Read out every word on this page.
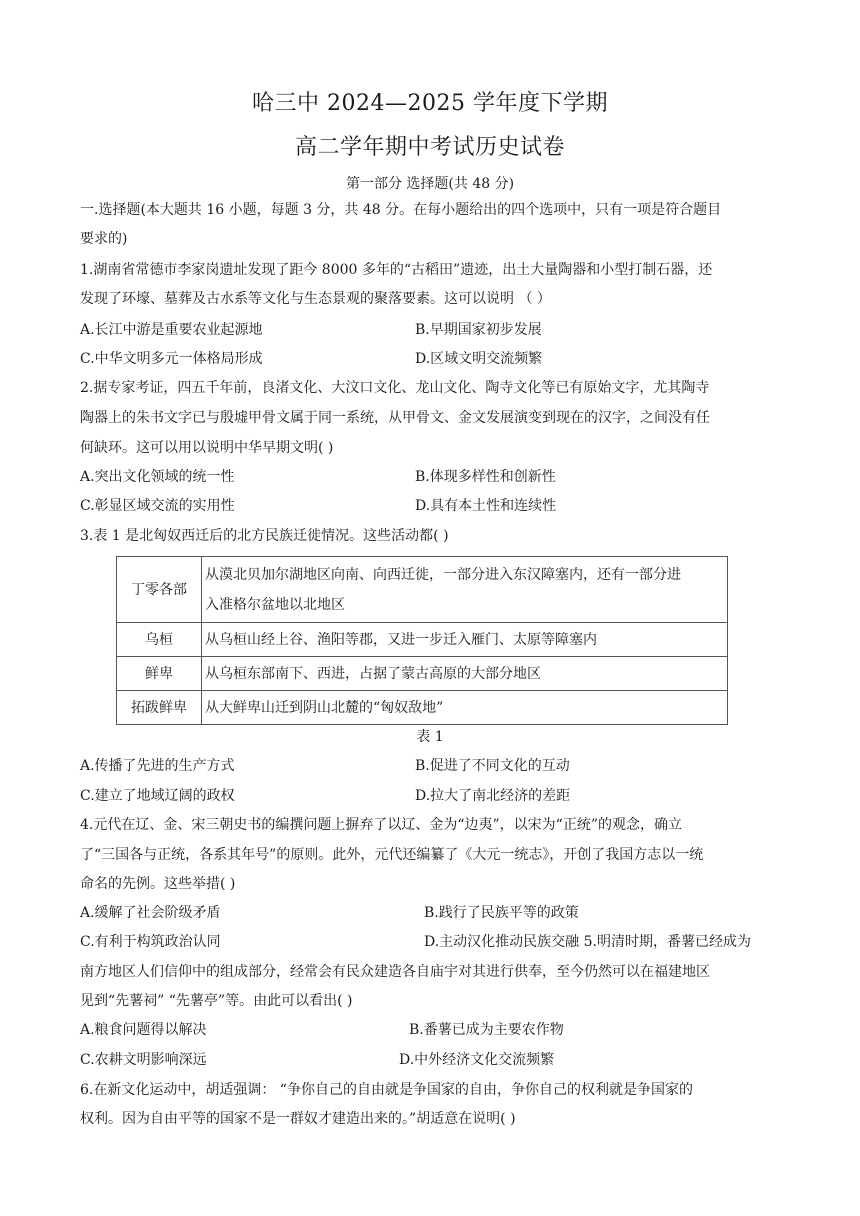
哈三中 2024—2025 学年度下学期
高二学年期中考试历史试卷
第一部分 选择题(共 48 分)
一.选择题(本大题共 16 小题，每题 3 分，共 48 分。在每小题给出的四个选项中，只有一项是符合题目
要求的)
1.湖南省常德市李家岗遗址发现了距今 8000 多年的“古稻田”遗迹，出土大量陶器和小型打制石器，还
发现了环壕、墓葬及古水系等文化与生态景观的聚落要素。这可以说明 （ ）
A.长江中游是重要农业起源地	B.早期国家初步发展
C.中华文明多元一体格局形成	D.区域文明交流频繁
2.据专家考证，四五千年前，良渚文化、大汶口文化、龙山文化、陶寺文化等已有原始文字，尤其陶寺
陶器上的朱书文字已与殷墟甲骨文属于同一系统，从甲骨文、金文发展演变到现在的汉字，之间没有任
何缺环。这可以用以说明中华早期文明( )
A.突出文化领域的统一性	B.体现多样性和创新性
C.彰显区域交流的实用性	D.具有本土性和连续性
3.表 1 是北匈奴西迁后的北方民族迁徙情况。这些活动都( )
丁零各部	从漠北贝加尔湖地区向南、向西迁徙，一部分进入东汉障塞内，还有一部分进
入准格尔盆地以北地区

乌桓	从乌桓山经上谷、渔阳等郡，又进一步迁入雁门、太原等障塞内

鲜卑	从乌桓东部南下、西进，占据了蒙古高原的大部分地区

拓跋鲜卑	从大鲜卑山迁到阴山北麓的“匈奴敌地”
表 1
A.传播了先进的生产方式	B.促进了不同文化的互动
C.建立了地域辽阔的政权	D.拉大了南北经济的差距
4.元代在辽、金、宋三朝史书的编撰问题上摒弃了以辽、金为“边夷”，以宋为“正统”的观念，确立
了“三国各与正统，各系其年号”的原则。此外，元代还编纂了《大元一统志》，开创了我国方志以一统
命名的先例。这些举措( )
A.缓解了社会阶级矛盾	B.践行了民族平等的政策
C.有利于构筑政治认同	D.主动汉化推动民族交融 5.明清时期，番薯已经成为
南方地区人们信仰中的组成部分，经常会有民众建造各自庙宇对其进行供奉，至今仍然可以在福建地区
见到“先薯祠” “先薯亭”等。由此可以看出( )
A.粮食问题得以解决	B.番薯已成为主要农作物
C.农耕文明影响深远	D.中外经济文化交流频繁
6.在新文化运动中，胡适强调： “争你自己的自由就是争国家的自由，争你自己的权利就是争国家的
权利。因为自由平等的国家不是一群奴才建造出来的。”胡适意在说明( )
